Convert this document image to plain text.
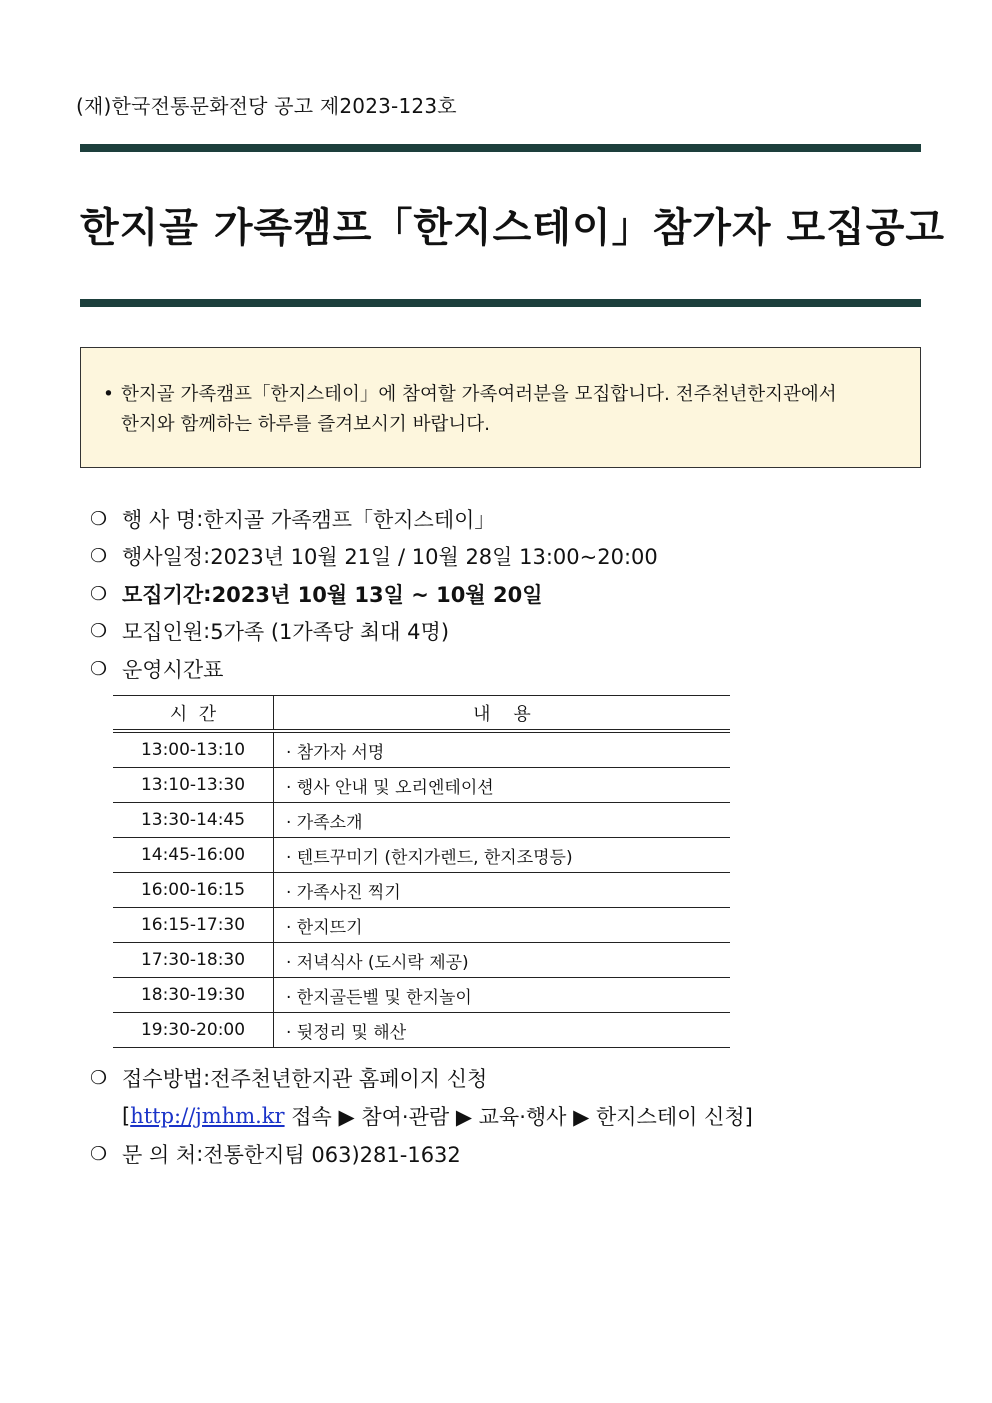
(재)한국전통문화전당 공고 제2023-123호
한지골 가족캠프「한지스테이」참가자 모집공고
• 한지골 가족캠프「한지스테이」에 참여할 가족여러분을 모집합니다. 전주천년한지관에서
한지와 함께하는 하루를 즐겨보시기 바랍니다.
❍ 행 사 명 : 한지골 가족캠프「한지스테이」
❍ 행사일정 : 2023년 10월 21일 / 10월 28일 13:00~20:00
❍ 모집기간 : 2023년 10월 13일 ~ 10월 20일
❍ 모집인원 : 5가족 (1가족당 최대 4명)
❍ 운영시간표
시  간	내    용
13:00-13:10	· 참가자 서명
13:10-13:30	· 행사 안내 및 오리엔테이션
13:30-14:45	· 가족소개
14:45-16:00	· 텐트꾸미기 (한지가렌드, 한지조명등)
16:00-16:15	· 가족사진 찍기
16:15-17:30	· 한지뜨기
17:30-18:30	· 저녁식사 (도시락 제공)
18:30-19:30	· 한지골든벨 및 한지놀이
19:30-20:00	· 뒷정리 및 해산
❍ 접수방법 : 전주천년한지관 홈페이지 신청
[ http://jmhm.kr 접속 ▶ 참여·관람 ▶ 교육·행사 ▶ 한지스테이 신청]
❍ 문 의 처 : 전통한지팀 063)281-1632
